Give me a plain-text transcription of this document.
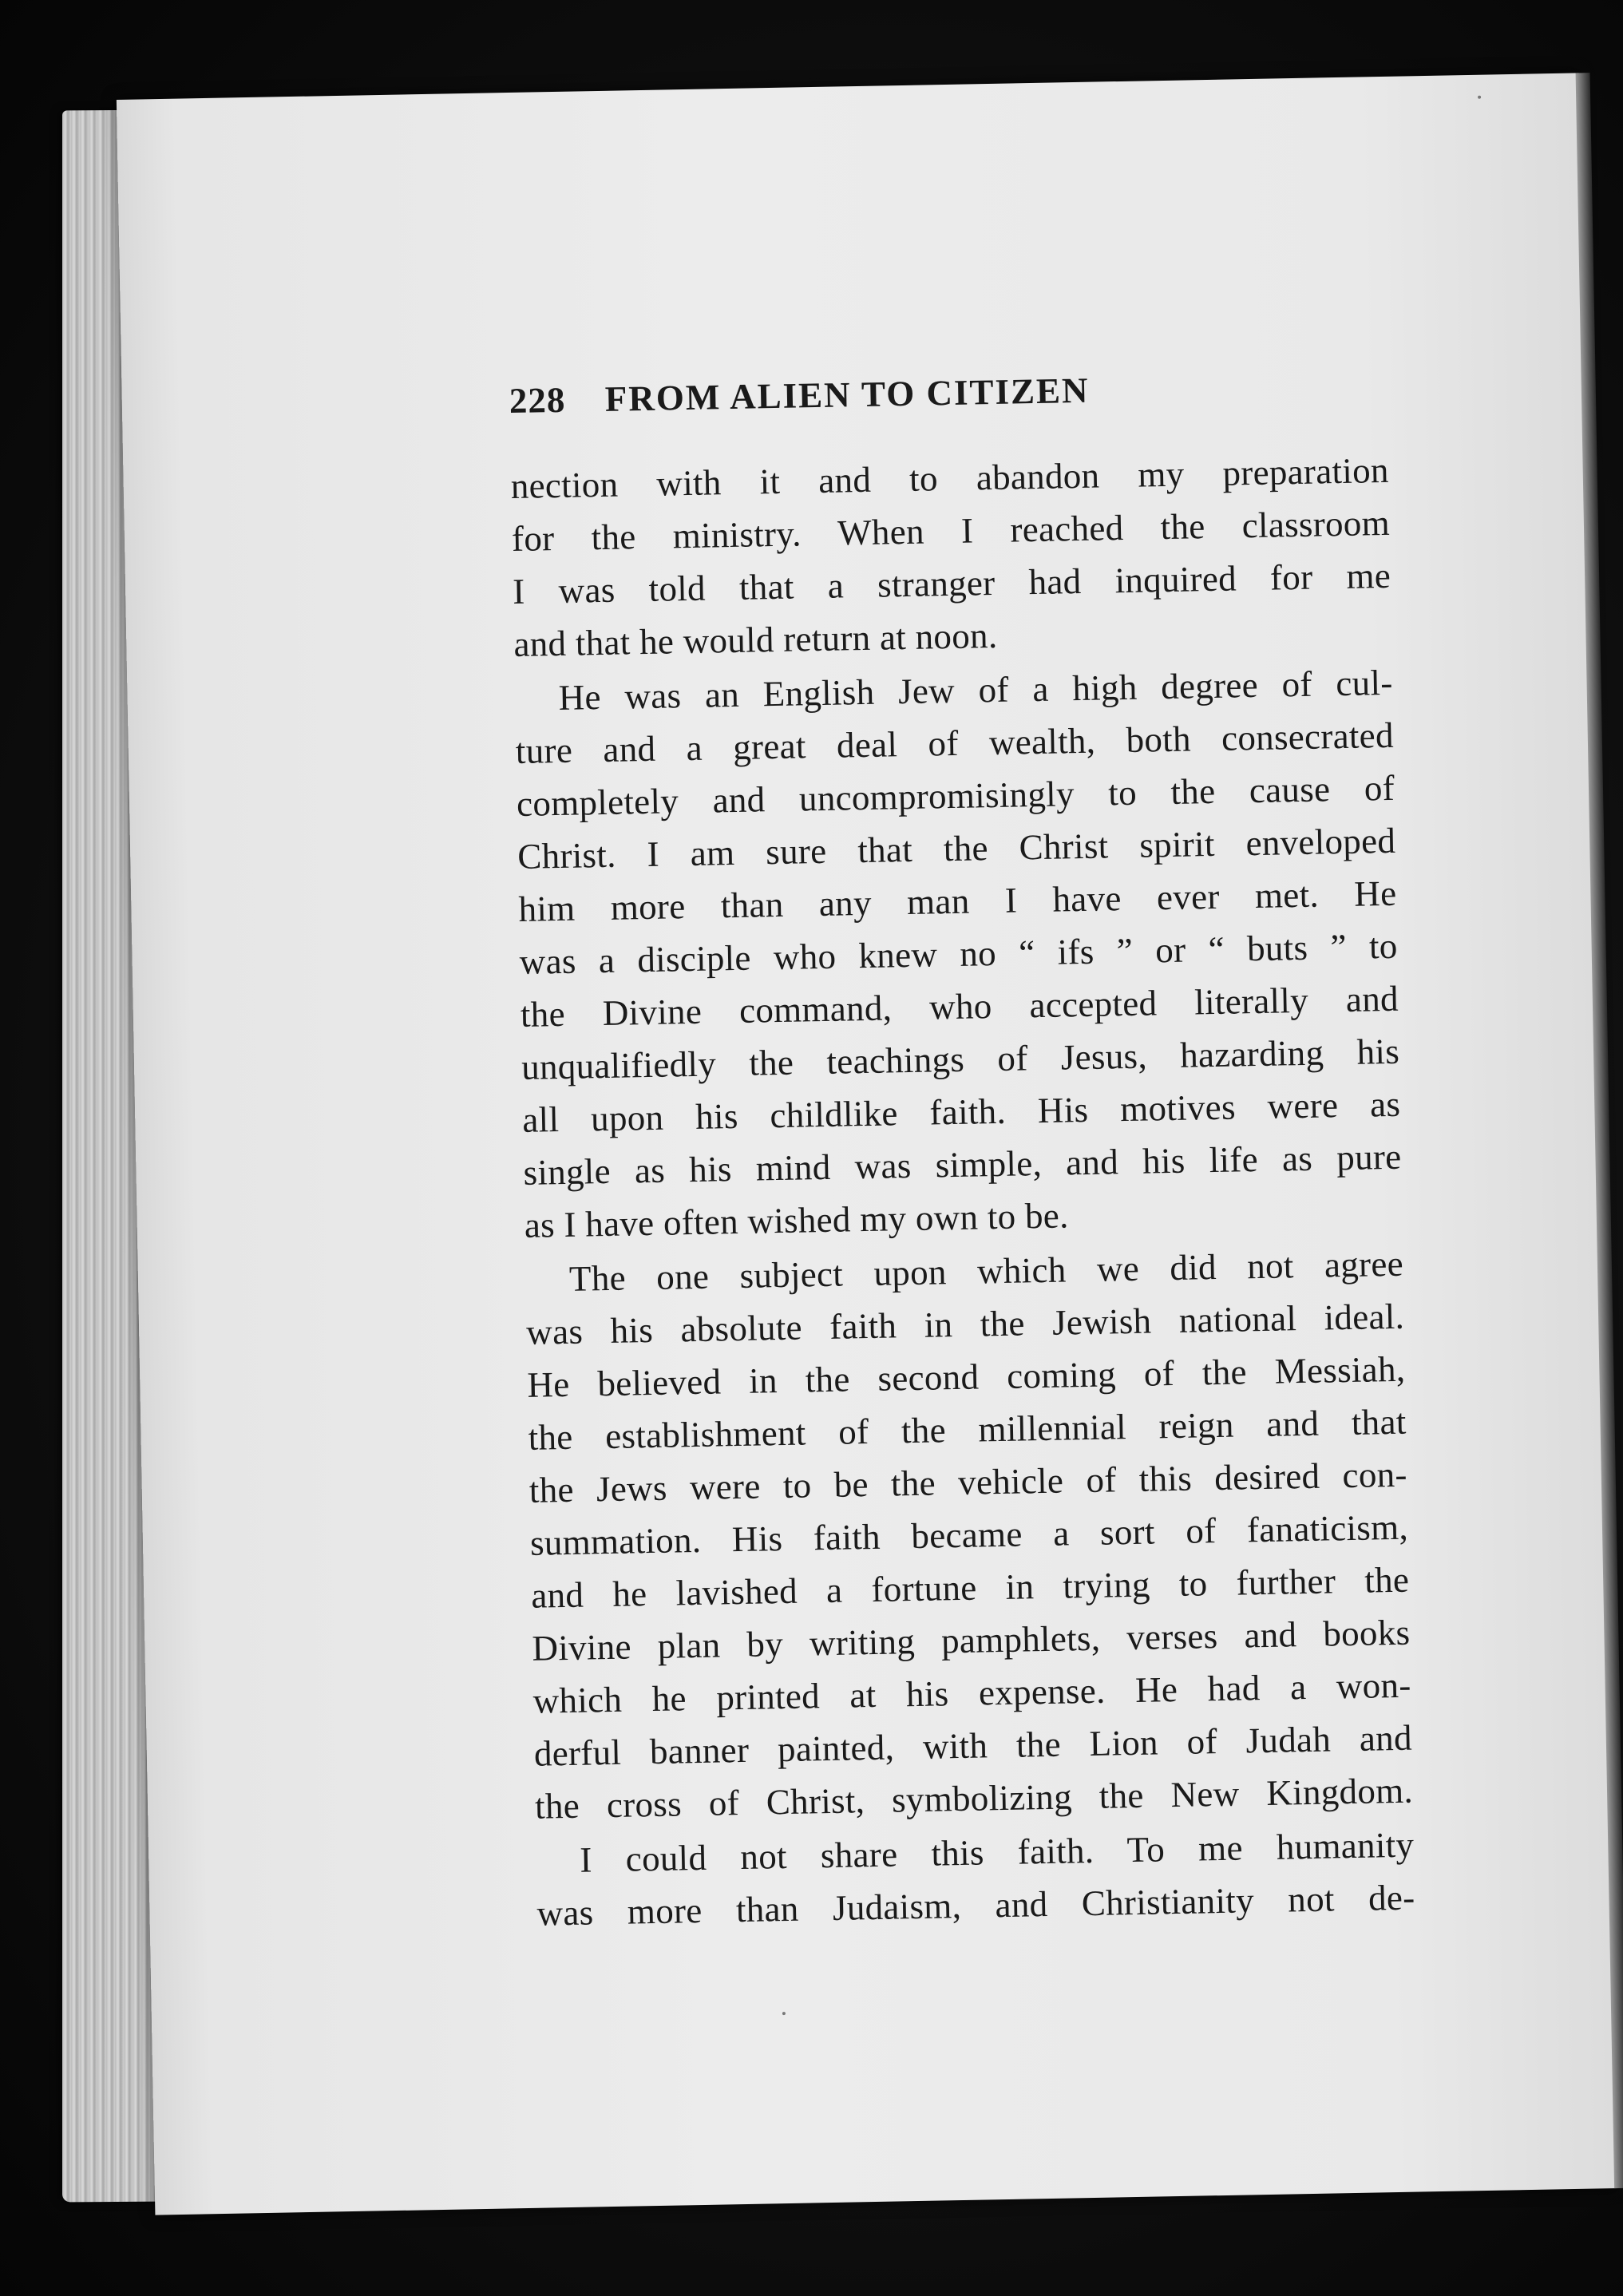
228	FROM ALIEN TO CITIZEN
nection with it and to abandon my preparation
for the ministry. When I reached the classroom
I was told that a stranger had inquired for me
and that he would return at noon.
He was an English Jew of a high degree of cul-
ture and a great deal of wealth, both consecrated
completely and uncompromisingly to the cause of
Christ. I am sure that the Christ spirit enveloped
him more than any man I have ever met. He
was a disciple who knew no “ ifs ” or “ buts ” to
the Divine command, who accepted literally and
unqualifiedly the teachings of Jesus, hazarding his
all upon his childlike faith. His motives were as
single as his mind was simple, and his life as pure
as I have often wished my own to be.
The one subject upon which we did not agree
was his absolute faith in the Jewish national ideal.
He believed in the second coming of the Messiah,
the establishment of the millennial reign and that
the Jews were to be the vehicle of this desired con-
summation. His faith became a sort of fanaticism,
and he lavished a fortune in trying to further the
Divine plan by writing pamphlets, verses and books
which he printed at his expense. He had a won-
derful banner painted, with the Lion of Judah and
the cross of Christ, symbolizing the New Kingdom.
I could not share this faith. To me humanity
was more than Judaism, and Christianity not de-
